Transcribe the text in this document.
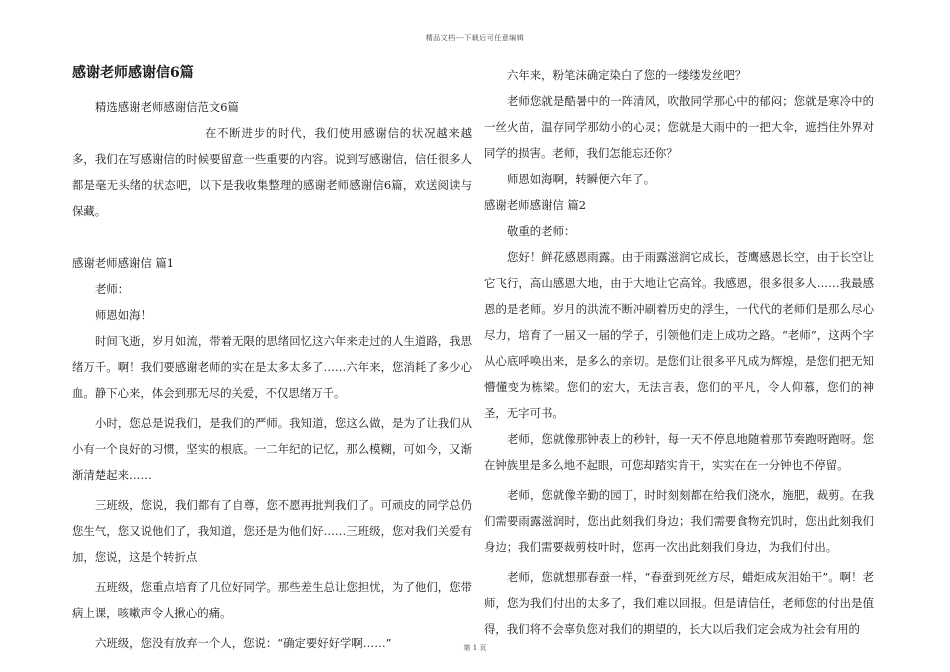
精品文档---下载后可任意编辑
感谢老师感谢信6篇

精选感谢老师感谢信范文6篇

在不断进步的时代，我们使用感谢信的状况越来越多，我们在写感谢信的时候要留意一些重要的内容。说到写感谢信，信任很多人都是毫无头绪的状态吧，以下是我收集整理的感谢老师感谢信6篇，欢送阅读与保藏。

感谢老师感谢信 篇1

老师：

师恩如海！

时间飞逝，岁月如流，带着无限的思绪回忆这六年来走过的人生道路，我思绪万千。啊！我们要感谢老师的实在是太多太多了……六年来，您消耗了多少心血。静下心来，体会到那无尽的关爱，不仅思绪万千。

小时，您总是说我们，是我们的严师。我知道，您这么做，是为了让我们从小有一个良好的习惯，坚实的根底。一二年纪的记忆，那么模糊，可如今，又渐渐清楚起来……

三班级，您说，我们都有了自尊，您不愿再批判我们了。可顽皮的同学总仍您生气，您又说他们了，我知道，您还是为他们好……三班级，您对我们关爱有加，您说，这是个转折点

五班级，您重点培育了几位好同学。那些差生总让您担忧，为了他们，您带病上课，咳嗽声令人揪心的痛。

六班级，您没有放弃一个人，您说：“确定要好好学啊……”

六年来，粉笔沫确定染白了您的一缕缕发丝吧？

老师您就是酷暑中的一阵清风，吹散同学那心中的郁闷；您就是寒冷中的一丝火苗，温存同学那幼小的心灵；您就是大雨中的一把大伞，遮挡住外界对同学的损害。老师，我们怎能忘还你？

师恩如海啊，转瞬便六年了。

感谢老师感谢信 篇2

敬重的老师：

您好！鲜花感恩雨露。由于雨露滋润它成长，苍鹰感恩长空，由于长空让它飞行，高山感恩大地，由于大地让它高耸。我感恩，很多很多人……我最感恩的是老师。岁月的洪流不断冲刷着历史的浮生，一代代的老师们是那么尽心尽力，培育了一届又一届的学子，引领他们走上成功之路。“老师”，这两个字从心底呼唤出来，是多么的亲切。是您们让很多平凡成为辉煌，是您们把无知懵懂变为栋梁。您们的宏大，无法言表，您们的平凡，令人仰慕，您们的神圣，无字可书。

老师，您就像那钟表上的秒针，每一天不停息地随着那节奏跑呀跑呀。您在钟族里是多么地不起眼，可您却踏实肯干，实实在在一分钟也不停留。

老师，您就像辛勤的园丁，时时刻刻都在给我们浇水，施肥，裁剪。在我们需要雨露滋润时，您出此刻我们身边；我们需要食物充饥时，您出此刻我们身边；我们需要裁剪枝叶时，您再一次出此刻我们身边，为我们付出。

老师，您就想那春蚕一样，“春蚕到死丝方尽，蜡炬成灰泪始干”。啊！老师，您为我们付出的太多了，我们难以回报。但是请信任，老师您的付出是值得，我们将不会辜负您对我们的期望的，长大以后我们定会成为社会有用的

第 1 页
